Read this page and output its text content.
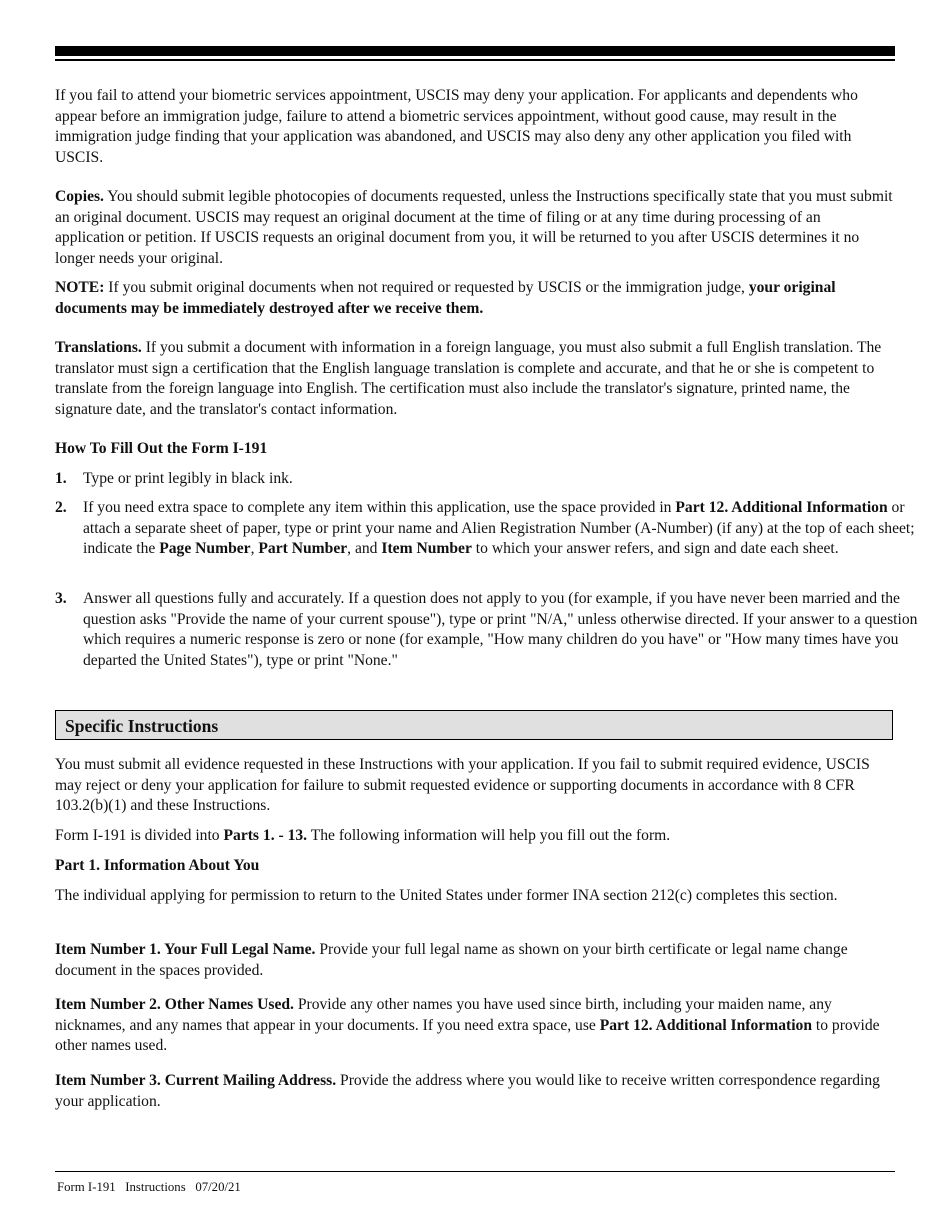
If you fail to attend your biometric services appointment, USCIS may deny your application. For applicants and dependents who appear before an immigration judge, failure to attend a biometric services appointment, without good cause, may result in the immigration judge finding that your application was abandoned, and USCIS may also deny any other application you filed with USCIS.

Copies. You should submit legible photocopies of documents requested, unless the Instructions specifically state that you must submit an original document. USCIS may request an original document at the time of filing or at any time during processing of an application or petition. If USCIS requests an original document from you, it will be returned to you after USCIS determines it no longer needs your original.

NOTE: If you submit original documents when not required or requested by USCIS or the immigration judge, your original documents may be immediately destroyed after we receive them.

Translations. If you submit a document with information in a foreign language, you must also submit a full English translation. The translator must sign a certification that the English language translation is complete and accurate, and that he or she is competent to translate from the foreign language into English. The certification must also include the translator's signature, printed name, the signature date, and the translator's contact information.

How To Fill Out the Form I-191

1. Type or print legibly in black ink.
2. If you need extra space to complete any item within this application, use the space provided in Part 12. Additional Information or attach a separate sheet of paper, type or print your name and Alien Registration Number (A-Number) (if any) at the top of each sheet; indicate the Page Number, Part Number, and Item Number to which your answer refers, and sign and date each sheet.
3. Answer all questions fully and accurately. If a question does not apply to you (for example, if you have never been married and the question asks "Provide the name of your current spouse"), type or print "N/A," unless otherwise directed. If your answer to a question which requires a numeric response is zero or none (for example, "How many children do you have" or "How many times have you departed the United States"), type or print "None."
Specific Instructions

You must submit all evidence requested in these Instructions with your application. If you fail to submit required evidence, USCIS may reject or deny your application for failure to submit requested evidence or supporting documents in accordance with 8 CFR 103.2(b)(1) and these Instructions.

Form I-191 is divided into Parts 1. - 13. The following information will help you fill out the form.

Part 1. Information About You

The individual applying for permission to return to the United States under former INA section 212(c) completes this section.

Item Number 1. Your Full Legal Name. Provide your full legal name as shown on your birth certificate or legal name change document in the spaces provided.

Item Number 2. Other Names Used. Provide any other names you have used since birth, including your maiden name, any nicknames, and any names that appear in your documents. If you need extra space, use Part 12. Additional Information to provide other names used.

Item Number 3. Current Mailing Address. Provide the address where you would like to receive written correspondence regarding your application.

Form I-191 Instructions 07/20/21
